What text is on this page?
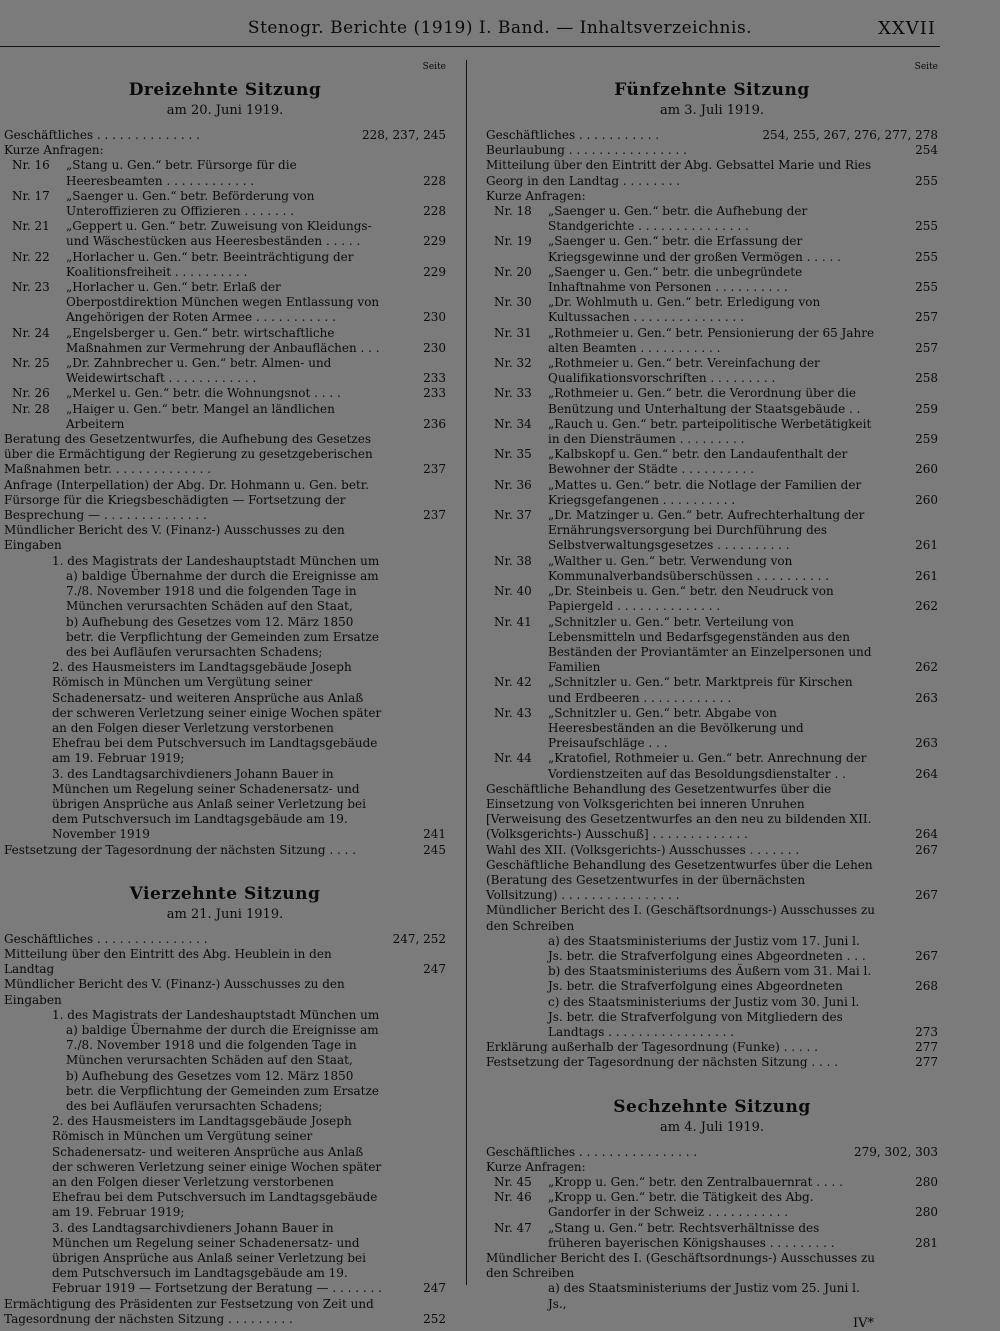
Stenogr. Berichte (1919) I. Band. — Inhaltsverzeichnis.	XXVII
Seite
Dreizehnte Sitzung
am 20. Juni 1919.
Geschäftliches . . . . . . . . . . . . . .	228, 237, 245
Kurze Anfragen:
Nr. 16	„Stang u. Gen.“ betr. Fürsorge für die Heeresbeamten . . . . . . . . . . . .	228
Nr. 17	„Saenger u. Gen.“ betr. Beförderung von Unteroffizieren zu Offizieren . . . . . . .	228
Nr. 21	„Geppert u. Gen.“ betr. Zuweisung von Kleidungs- und Wäschestücken aus Heeresbeständen . . . . .	229
Nr. 22	„Horlacher u. Gen.“ betr. Beeinträchtigung der Koalitionsfreiheit . . . . . . . . . .	229
Nr. 23	„Horlacher u. Gen.“ betr. Erlaß der Oberpostdirektion München wegen Entlassung von Angehörigen der Roten Armee . . . . . . . . . . .	230
Nr. 24	„Engelsberger u. Gen.“ betr. wirtschaftliche Maßnahmen zur Vermehrung der Anbauflächen . . .	230
Nr. 25	„Dr. Zahnbrecher u. Gen.“ betr. Almen- und Weidewirtschaft . . . . . . . . . . . .	233
Nr. 26	„Merkel u. Gen.“ betr. die Wohnungsnot . . . .	233
Nr. 28	„Haiger u. Gen.“ betr. Mangel an ländlichen Arbeitern	236
Beratung des Gesetzentwurfes, die Aufhebung des Gesetzes über die Ermächtigung der Regierung zu gesetzgeberischen Maßnahmen betr. . . . . . . . . . . . . .	237
Anfrage (Interpellation) der Abg. Dr. Hohmann u. Gen. betr. Fürsorge für die Kriegsbeschädigten — Fortsetzung der Besprechung — . . . . . . . . . . . . . .	237
Mündlicher Bericht des V. (Finanz-) Ausschusses zu den Eingaben
1. des Magistrats der Landeshauptstadt München um
a) baldige Übernahme der durch die Ereignisse am 7./8. November 1918 und die folgenden Tage in München verursachten Schäden auf den Staat,
b) Aufhebung des Gesetzes vom 12. März 1850 betr. die Verpflichtung der Gemeinden zum Ersatze des bei Aufläufen verursachten Schadens;
2. des Hausmeisters im Landtagsgebäude Joseph Römisch in München um Vergütung seiner Schadenersatz- und weiteren Ansprüche aus Anlaß der schweren Verletzung seiner einige Wochen später an den Folgen dieser Verletzung verstorbenen Ehefrau bei dem Putschversuch im Landtagsgebäude am 19. Februar 1919;
3. des Landtagsarchivdieners Johann Bauer in München um Regelung seiner Schadenersatz- und übrigen Ansprüche aus Anlaß seiner Verletzung bei dem Putschversuch im Landtagsgebäude am 19. November 1919	241
Festsetzung der Tagesordnung der nächsten Sitzung . . . .	245
Vierzehnte Sitzung
am 21. Juni 1919.
Geschäftliches . . . . . . . . . . . . . . .	247, 252
Mitteilung über den Eintritt des Abg. Heublein in den Landtag	247
Mündlicher Bericht des V. (Finanz-) Ausschusses zu den Eingaben
1. des Magistrats der Landeshauptstadt München um
a) baldige Übernahme der durch die Ereignisse am 7./8. November 1918 und die folgenden Tage in München verursachten Schäden auf den Staat,
b) Aufhebung des Gesetzes vom 12. März 1850 betr. die Verpflichtung der Gemeinden zum Ersatze des bei Aufläufen verursachten Schadens;
2. des Hausmeisters im Landtagsgebäude Joseph Römisch in München um Vergütung seiner Schadenersatz- und weiteren Ansprüche aus Anlaß der schweren Verletzung seiner einige Wochen später an den Folgen dieser Verletzung verstorbenen Ehefrau bei dem Putschversuch im Landtagsgebäude am 19. Februar 1919;
3. des Landtagsarchivdieners Johann Bauer in München um Regelung seiner Schadenersatz- und übrigen Ansprüche aus Anlaß seiner Verletzung bei dem Putschversuch im Landtagsgebäude am 19. Februar 1919 — Fortsetzung der Beratung — . . . . . . .	247
Ermächtigung des Präsidenten zur Festsetzung von Zeit und Tagesordnung der nächsten Sitzung . . . . . . . . .	252
Seite
Fünfzehnte Sitzung
am 3. Juli 1919.
Geschäftliches . . . . . . . . . . .	254, 255, 267, 276, 277, 278
Beurlaubung . . . . . . . . . . . . . . . .	254
Mitteilung über den Eintritt der Abg. Gebsattel Marie und Ries Georg in den Landtag . . . . . . . .	255
Kurze Anfragen:
Nr. 18	„Saenger u. Gen.“ betr. die Aufhebung der Standgerichte . . . . . . . . . . . . . . .	255
Nr. 19	„Saenger u. Gen.“ betr. die Erfassung der Kriegsgewinne und der großen Vermögen . . . . .	255
Nr. 20	„Saenger u. Gen.“ betr. die unbegründete Inhaftnahme von Personen . . . . . . . . . .	255
Nr. 30	„Dr. Wohlmuth u. Gen.“ betr. Erledigung von Kultussachen . . . . . . . . . . . . . . .	257
Nr. 31	„Rothmeier u. Gen.“ betr. Pensionierung der 65 Jahre alten Beamten . . . . . . . . . . .	257
Nr. 32	„Rothmeier u. Gen.“ betr. Vereinfachung der Qualifikationsvorschriften . . . . . . . . .	258
Nr. 33	„Rothmeier u. Gen.“ betr. die Verordnung über die Benützung und Unterhaltung der Staatsgebäude . .	259
Nr. 34	„Rauch u. Gen.“ betr. parteipolitische Werbetätigkeit in den Diensträumen . . . . . . . . .	259
Nr. 35	„Kalbskopf u. Gen.“ betr. den Landaufenthalt der Bewohner der Städte . . . . . . . . . .	260
Nr. 36	„Mattes u. Gen.“ betr. die Notlage der Familien der Kriegsgefangenen . . . . . . . . . .	260
Nr. 37	„Dr. Matzinger u. Gen.“ betr. Aufrechterhaltung der Ernährungsversorgung bei Durchführung des Selbstverwaltungsgesetzes . . . . . . . . . .	261
Nr. 38	„Walther u. Gen.“ betr. Verwendung von Kommunalverbandsüberschüssen . . . . . . . . . .	261
Nr. 40	„Dr. Steinbeis u. Gen.“ betr. den Neudruck von Papiergeld . . . . . . . . . . . . . .	262
Nr. 41	„Schnitzler u. Gen.“ betr. Verteilung von Lebensmitteln und Bedarfsgegenständen aus den Beständen der Proviantämter an Einzelpersonen und Familien	262
Nr. 42	„Schnitzler u. Gen.“ betr. Marktpreis für Kirschen und Erdbeeren . . . . . . . . . . . .	263
Nr. 43	„Schnitzler u. Gen.“ betr. Abgabe von Heeresbeständen an die Bevölkerung und Preisaufschläge . . .	263
Nr. 44	„Kratofiel, Rothmeier u. Gen.“ betr. Anrechnung der Vordienstzeiten auf das Besoldungsdienstalter . .	264
Geschäftliche Behandlung des Gesetzentwurfes über die Einsetzung von Volksgerichten bei inneren Unruhen [Verweisung des Gesetzentwurfes an den neu zu bildenden XII. (Volksgerichts-) Ausschuß] . . . . . . . . . . . . .	264
Wahl des XII. (Volksgerichts-) Ausschusses . . . . . . .	267
Geschäftliche Behandlung des Gesetzentwurfes über die Lehen (Beratung des Gesetzentwurfes in der übernächsten Vollsitzung) . . . . . . . . . . . . . . . .	267
Mündlicher Bericht des I. (Geschäftsordnungs-) Ausschusses zu den Schreiben
a) des Staatsministeriums der Justiz vom 17. Juni l. Js. betr. die Strafverfolgung eines Abgeordneten . . .	267
b) des Staatsministeriums des Äußern vom 31. Mai l. Js. betr. die Strafverfolgung eines Abgeordneten	268
c) des Staatsministeriums der Justiz vom 30. Juni l. Js. betr. die Strafverfolgung von Mitgliedern des Landtags . . . . . . . . . . . . . . . . .	273
Erklärung außerhalb der Tagesordnung (Funke) . . . . .	277
Festsetzung der Tagesordnung der nächsten Sitzung . . . .	277
Sechzehnte Sitzung
am 4. Juli 1919.
Geschäftliches . . . . . . . . . . . . . . . .	279, 302, 303
Kurze Anfragen:
Nr. 45	„Kropp u. Gen.“ betr. den Zentralbauernrat . . . .	280
Nr. 46	„Kropp u. Gen.“ betr. die Tätigkeit des Abg. Gandorfer in der Schweiz . . . . . . . . . . .	280
Nr. 47	„Stang u. Gen.“ betr. Rechtsverhältnisse des früheren bayerischen Königshauses . . . . . . . . .	281
Mündlicher Bericht des I. (Geschäftsordnungs-) Ausschusses zu den Schreiben
a) des Staatsministeriums der Justiz vom 25. Juni l. Js.,
IV*
